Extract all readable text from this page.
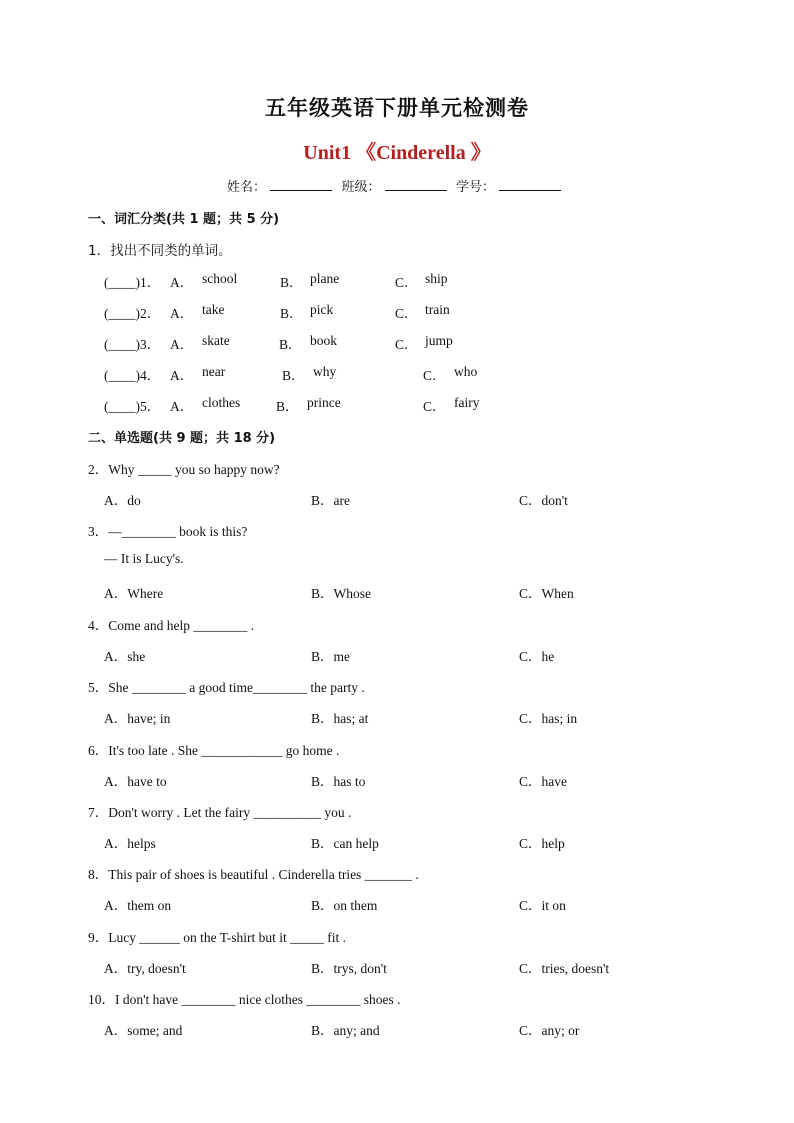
五年级英语下册单元检测卷
Unit1 《Cinderella 》
姓名：	班级：	学号：
一、词汇分类(共 1 题；共 5 分)
1．找出不同类的单词。
(____)1． A． school	B． plane	C． ship
(____)2． A． take	B． pick	C． train
(____)3． A． skate	B． book	C． jump
(____)4． A． near	B． why	C． who
(____)5． A． clothes	B． prince	C． fairy
二、单选题(共 9 题；共 18 分)
2．Why _____ you so happy now?
A．do	B．are	C．don't
3．—________ book is this?
— It is Lucy's.
A．Where	B．Whose	C．When
4．Come and help ________ .
A．she	B．me	C．he
5．She ________ a good time________ the party .
A．have; in	B．has; at	C．has; in
6．It's too late . She ____________ go home .
A．have to	B．has to	C．have
7．Don't worry . Let the fairy __________ you .
A．helps	B．can help	C．help
8．This pair of shoes is beautiful . Cinderella tries _______ .
A．them on	B．on them	C．it on
9．Lucy ______ on the T-shirt but it _____ fit .
A．try, doesn't	B．trys, don't	C．tries, doesn't
10．I don't have ________ nice clothes ________ shoes .
A．some; and	B．any; and	C．any; or
